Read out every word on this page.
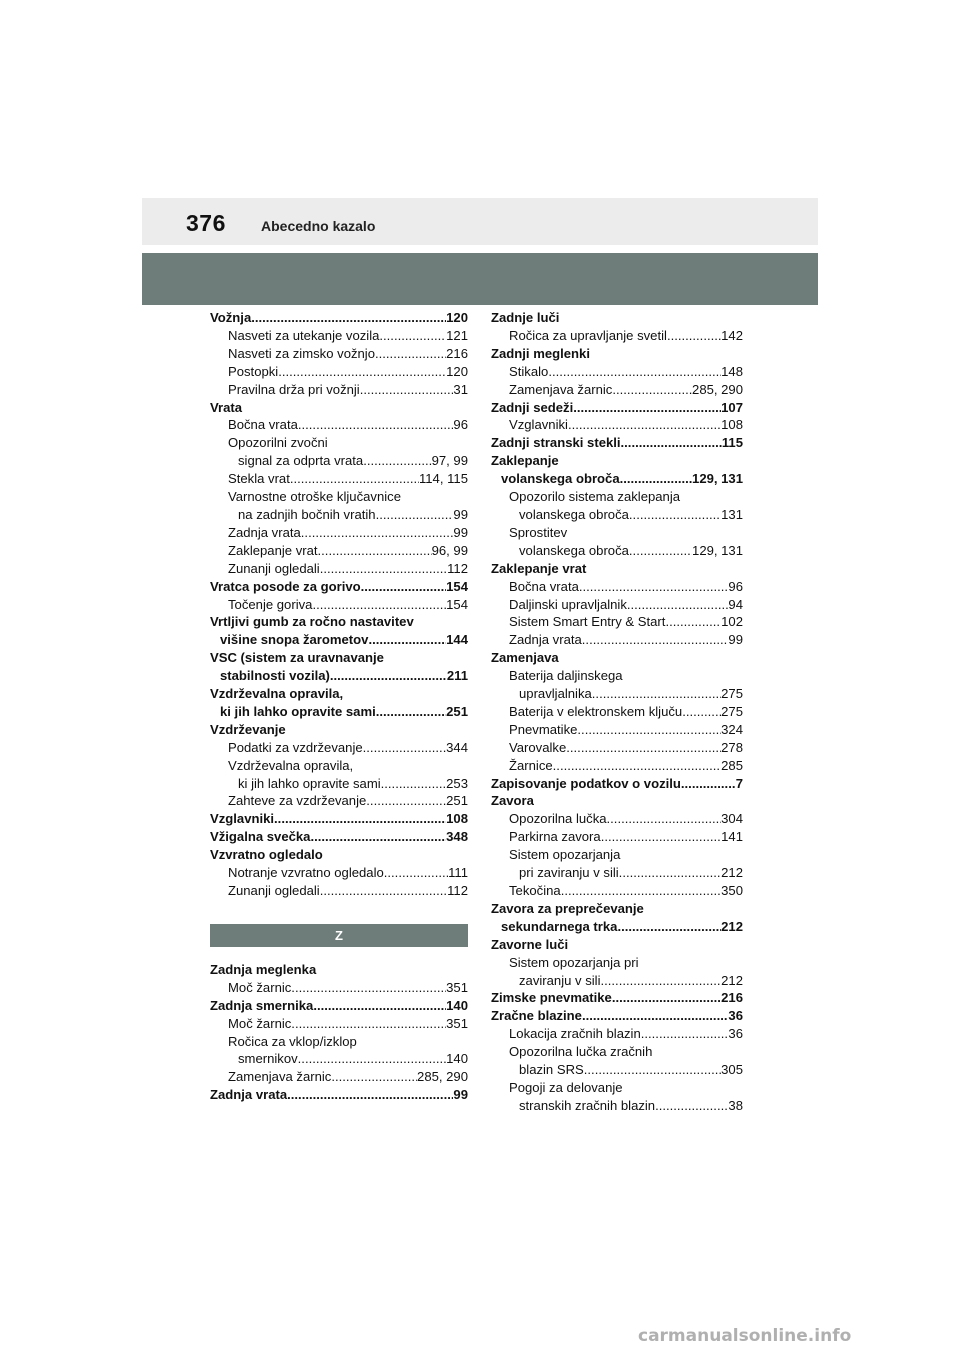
376	Abecedno kazalo
Vožnja .....	120
Nasveti za utekanje vozila .....	121
Nasveti za zimsko vožnjo .....	216
Postopki .....	120
Pravilna drža pri vožnji .....	31
Vrata
Bočna vrata .....	96
Opozorilni zvočni
signal za odprta vrata .....	97, 99
Stekla vrat .....	114, 115
Varnostne otroške ključavnice
na zadnjih bočnih vratih .....	99
Zadnja vrata .....	99
Zaklepanje vrat .....	96, 99
Zunanji ogledali .....	112
Vratca posode za gorivo .....	154
Točenje goriva .....	154
Vrtljivi gumb za ročno nastavitev
višine snopa žarometov .....	144
VSC (sistem za uravnavanje
stabilnosti vozila) .....	211
Vzdrževalna opravila,
ki jih lahko opravite sami .....	251
Vzdrževanje
Podatki za vzdrževanje .....	344
Vzdrževalna opravila,
ki jih lahko opravite sami .....	253
Zahteve za vzdrževanje .....	251
Vzglavniki .....	108
Vžigalna svečka .....	348
Vzvratno ogledalo
Notranje vzvratno ogledalo .....	111
Zunanji ogledali .....	112
Z
Zadnja meglenka
Moč žarnic. .....	351
Zadnja smernika .....	140
Moč žarnic. .....	351
Ročica za vklop/izklop
smernikov .....	140
Zamenjava žarnic. .....	285, 290
Zadnja vrata .....	99
Zadnje luči
Ročica za upravljanje svetil .....	142
Zadnji meglenki
Stikalo .....	148
Zamenjava žarnic .....	285, 290
Zadnji sedeži .....	107
Vzglavniki .....	108
Zadnji stranski stekli .....	115
Zaklepanje
volanskega obroča .....	129, 131
Opozorilo sistema zaklepanja
volanskega obroča .....	131
Sprostitev
volanskega obroča .....	129, 131
Zaklepanje vrat
Bočna vrata .....	96
Daljinski upravljalnik .....	94
Sistem Smart Entry & Start .....	102
Zadnja vrata .....	99
Zamenjava
Baterija daljinskega
upravljalnika .....	275
Baterija v elektronskem ključu .....	275
Pnevmatike .....	324
Varovalke .....	278
Žarnice .....	285
Zapisovanje podatkov o vozilu .....	7
Zavora
Opozorilna lučka .....	304
Parkirna zavora .....	141
Sistem opozarjanja
pri zaviranju v sili. .....	212
Tekočina .....	350
Zavora za preprečevanje
sekundarnega trka .....	212
Zavorne luči
Sistem opozarjanja pri
zaviranju v sili. .....	212
Zimske pnevmatike .....	216
Zračne blazine .....	36
Lokacija zračnih blazin .....	36
Opozorilna lučka zračnih
blazin SRS .....	305
Pogoji za delovanje
stranskih zračnih blazin. .....	38
carmanualsonline.info
